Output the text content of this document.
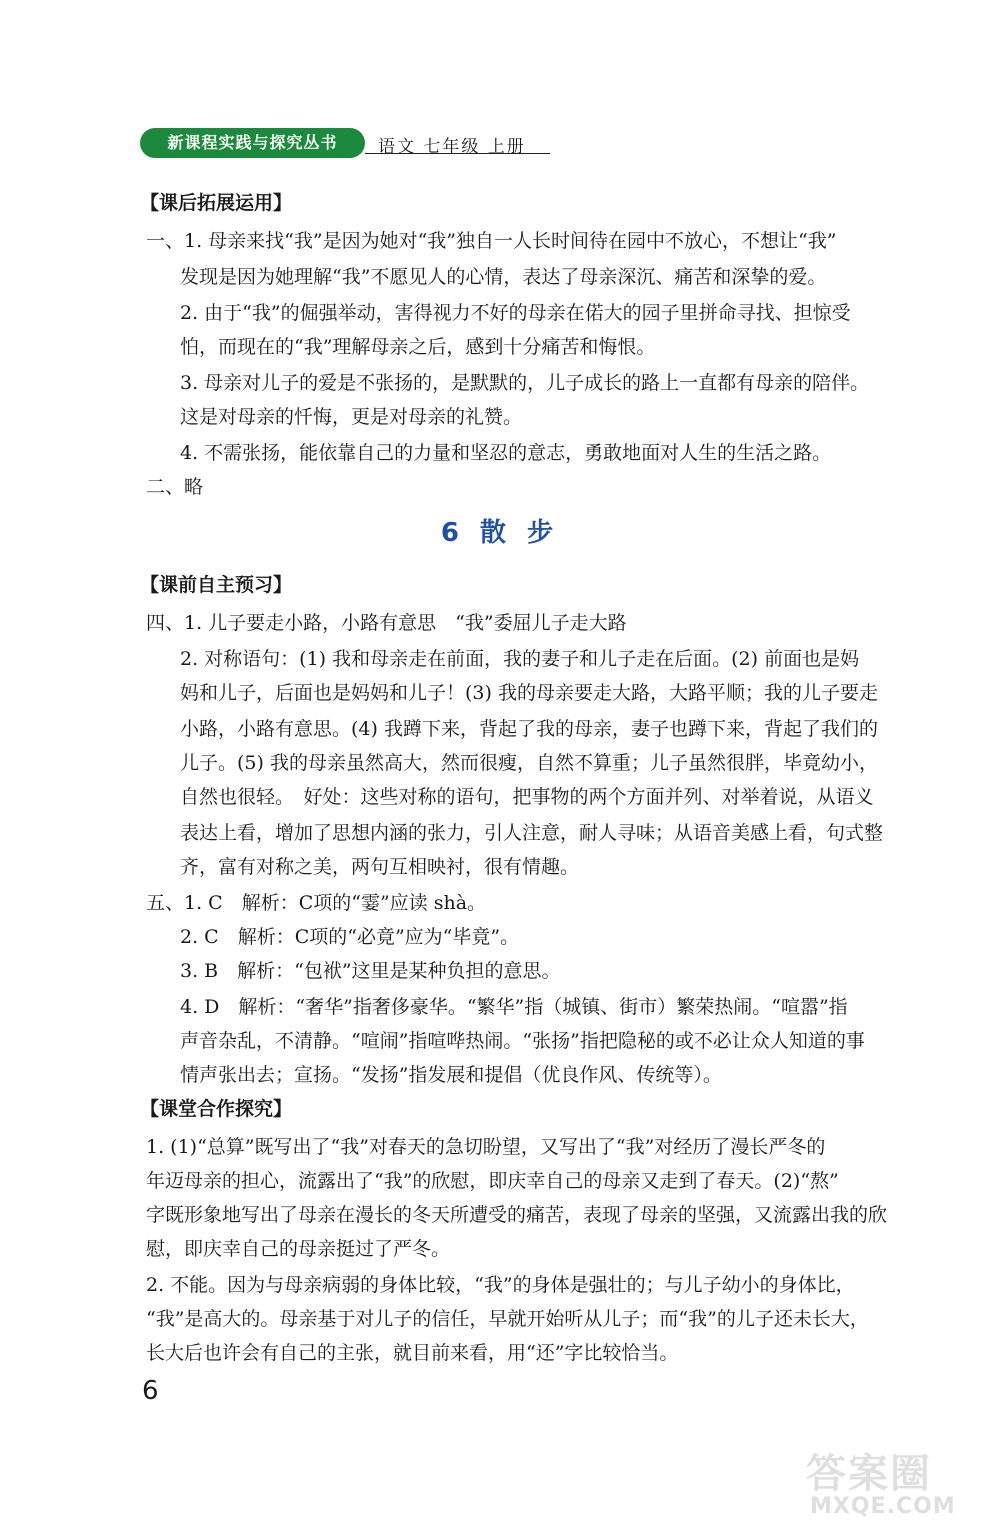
新课程实践与探究丛书	语文 七年级 上册
【课后拓展运用】
一、1. 母亲来找“我”是因为她对“我”独自一人长时间待在园中不放心，不想让“我”
发现是因为她理解“我”不愿见人的心情，表达了母亲深沉、痛苦和深挚的爱。
2. 由于“我”的倔强举动，害得视力不好的母亲在偌大的园子里拼命寻找、担惊受
怕，而现在的“我”理解母亲之后，感到十分痛苦和悔恨。
3. 母亲对儿子的爱是不张扬的，是默默的，儿子成长的路上一直都有母亲的陪伴。
这是对母亲的忏悔，更是对母亲的礼赞。
4. 不需张扬，能依靠自己的力量和坚忍的意志，勇敢地面对人生的生活之路。
二、略
6 散 步
【课前自主预习】
四、1. 儿子要走小路，小路有意思　“我”委屈儿子走大路
2. 对称语句：(1) 我和母亲走在前面，我的妻子和儿子走在后面。(2) 前面也是妈
妈和儿子，后面也是妈妈和儿子！(3) 我的母亲要走大路，大路平顺；我的儿子要走
小路，小路有意思。(4) 我蹲下来，背起了我的母亲，妻子也蹲下来，背起了我们的
儿子。(5) 我的母亲虽然高大，然而很瘦，自然不算重；儿子虽然很胖，毕竟幼小，
自然也很轻。　好处：这些对称的语句，把事物的两个方面并列、对举着说，从语义
表达上看，增加了思想内涵的张力，引人注意，耐人寻味；从语音美感上看，句式整
齐，富有对称之美，两句互相映衬，很有情趣。
五、1. C　解析：C项的“霎”应读 shà。
2. C　解析：C项的“必竟”应为“毕竟”。
3. B　解析：“包袱”这里是某种负担的意思。
4. D　解析：“奢华”指奢侈豪华。“繁华”指（城镇、街市）繁荣热闹。“喧嚣”指
声音杂乱，不清静。“喧闹”指喧哗热闹。“张扬”指把隐秘的或不必让众人知道的事
情声张出去；宣扬。“发扬”指发展和提倡（优良作风、传统等）。
【课堂合作探究】
1. (1)“总算”既写出了“我”对春天的急切盼望，又写出了“我”对经历了漫长严冬的
年迈母亲的担心，流露出了“我”的欣慰，即庆幸自己的母亲又走到了春天。(2)“熬”
字既形象地写出了母亲在漫长的冬天所遭受的痛苦，表现了母亲的坚强，又流露出我的欣
慰，即庆幸自己的母亲挺过了严冬。
2. 不能。因为与母亲病弱的身体比较，“我”的身体是强壮的；与儿子幼小的身体比，
“我”是高大的。母亲基于对儿子的信任，早就开始听从儿子；而“我”的儿子还未长大，
长大后也许会有自己的主张，就目前来看，用“还”字比较恰当。
6
答案圈
MXQE.COM
